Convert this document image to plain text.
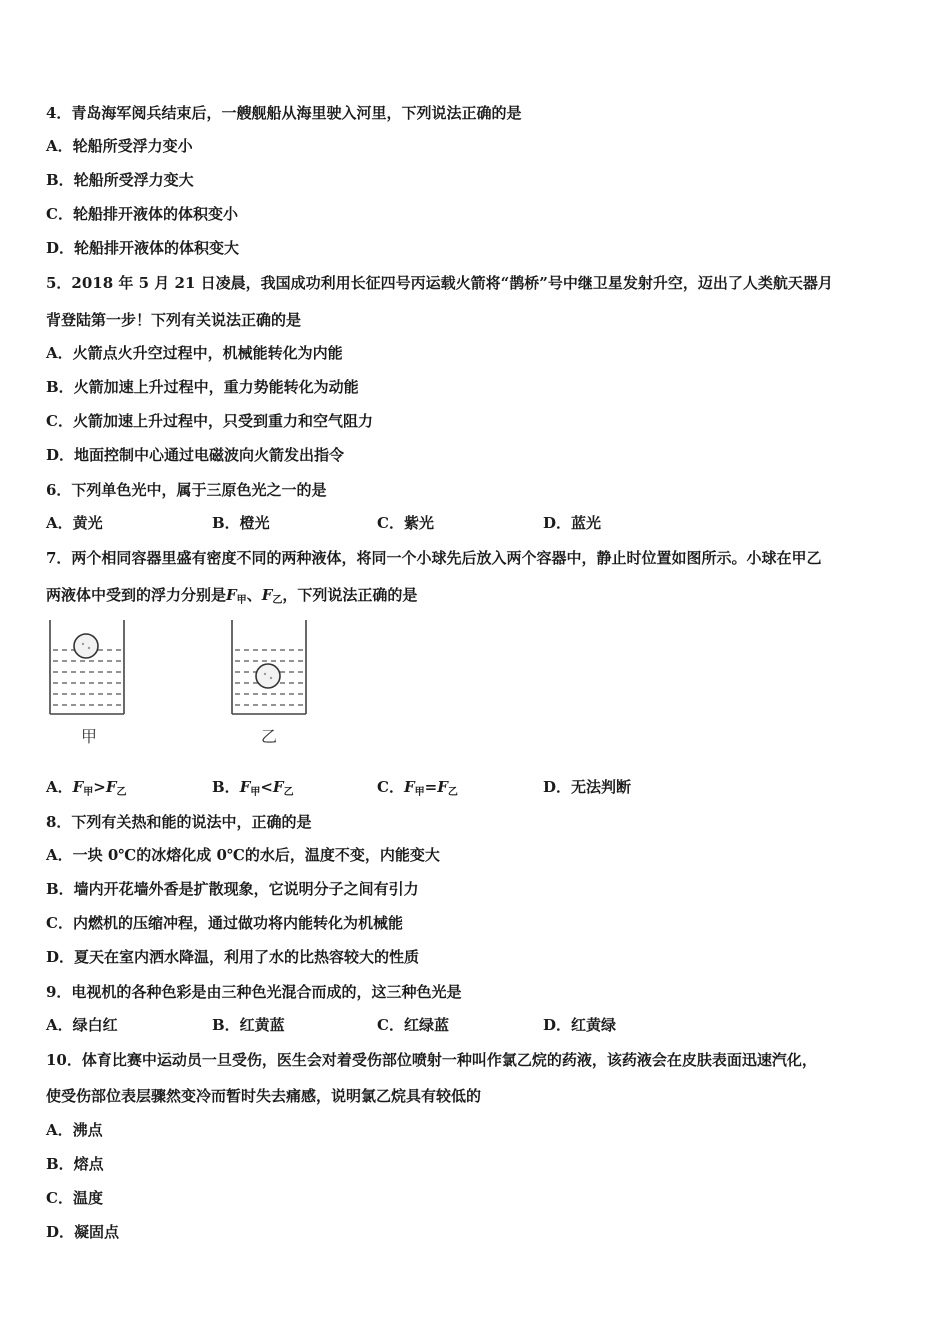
4．青岛海军阅兵结束后，一艘舰船从海里驶入河里，下列说法正确的是
A．轮船所受浮力变小
B．轮船所受浮力变大
C．轮船排开液体的体积变小
D．轮船排开液体的体积变大
5．2018 年 5 月 21 日凌晨，我国成功利用长征四号丙运载火箭将“鹊桥”号中继卫星发射升空，迈出了人类航天器月
背登陆第一步！下列有关说法正确的是
A．火箭点火升空过程中，机械能转化为内能
B．火箭加速上升过程中，重力势能转化为动能
C．火箭加速上升过程中，只受到重力和空气阻力
D．地面控制中心通过电磁波向火箭发出指令
6．下列单色光中，属于三原色光之一的是
A．黄光	B．橙光	C．紫光	D．蓝光
7．两个相同容器里盛有密度不同的两种液体，将同一个小球先后放入两个容器中，静止时位置如图所示。小球在甲乙
两液体中受到的浮力分别是$F_甲$、$F_乙$，下列说法正确的是
甲	乙
A．$F_甲>F_乙$	B．$F_甲<F_乙$	C．$F_甲=F_乙$	D．无法判断
8．下列有关热和能的说法中，正确的是
A．一块 0℃的冰熔化成 0℃的水后，温度不变，内能变大
B．墙内开花墙外香是扩散现象，它说明分子之间有引力
C．内燃机的压缩冲程，通过做功将内能转化为机械能
D．夏天在室内洒水降温，利用了水的比热容较大的性质
9．电视机的各种色彩是由三种色光混合而成的，这三种色光是
A．绿白红	B．红黄蓝	C．红绿蓝	D．红黄绿
10．体育比赛中运动员一旦受伤，医生会对着受伤部位喷射一种叫作氯乙烷的药液，该药液会在皮肤表面迅速汽化，
使受伤部位表层骤然变冷而暂时失去痛感，说明氯乙烷具有较低的
A．沸点
B．熔点
C．温度
D．凝固点
